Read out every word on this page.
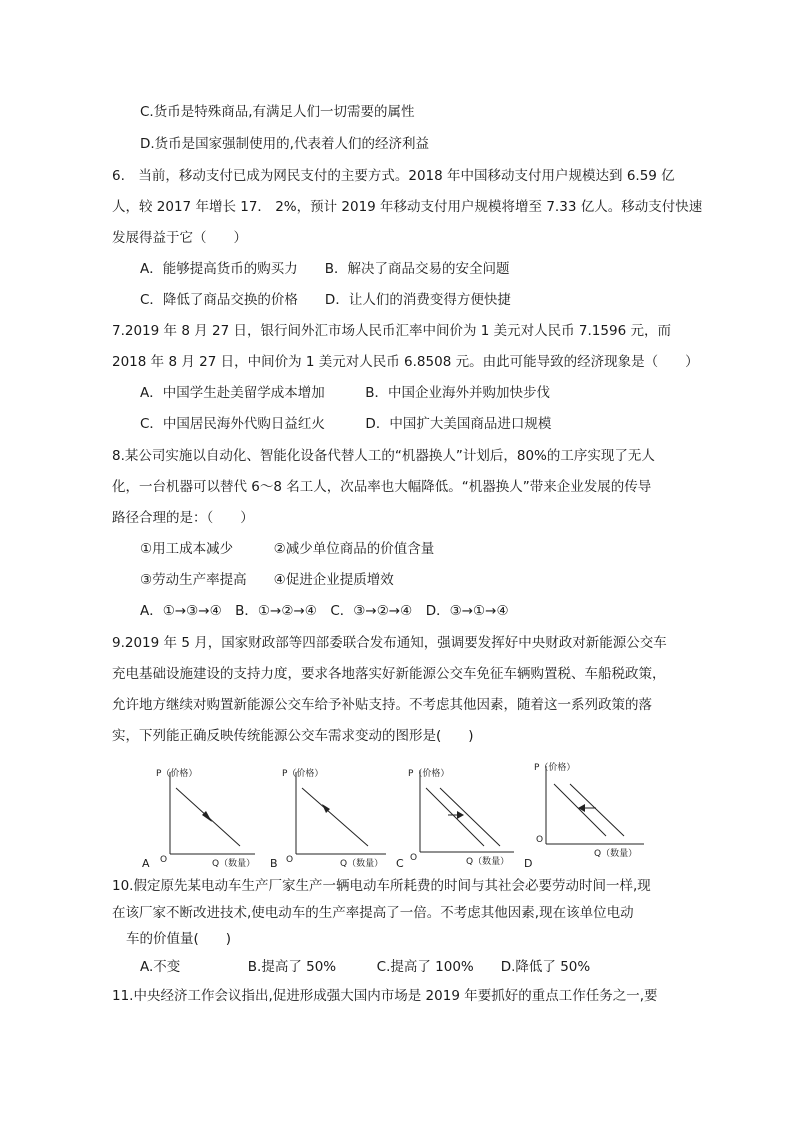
C.货币是特殊商品,有满足人们一切需要的属性
D.货币是国家强制使用的,代表着人们的经济利益
6.　当前，移动支付已成为网民支付的主要方式。2018 年中国移动支付用户规模达到 6.59 亿
人，较 2017 年增长 17． 2%，预计 2019 年移动支付用户规模将增至 7.33 亿人。移动支付快速
发展得益于它（　　）
A．能够提高货币的购买力　　B．解决了商品交易的安全问题
C．降低了商品交换的价格　　D．让人们的消费变得方便快捷
7.2019 年 8 月 27 日，银行间外汇市场人民币汇率中间价为 1 美元对人民币 7.1596 元，而
2018 年 8 月 27 日，中间价为 1 美元对人民币 6.8508 元。由此可能导致的经济现象是（　　）
A．中国学生赴美留学成本增加　　　B．中国企业海外并购加快步伐
C．中国居民海外代购日益红火　　　D．中国扩大美国商品进口规模
8.某公司实施以自动化、智能化设备代替人工的“机器换人”计划后，80%的工序实现了无人
化，一台机器可以替代 6～8 名工人，次品率也大幅降低。“机器换人”带来企业发展的传导
路径合理的是：（　　）
①用工成本减少　　　②减少单位商品的价值含量
③劳动生产率提高　　④促进企业提质增效
A．①→③→④　B．①→②→④　C．③→②→④　D．③→①→④
9.2019 年 5 月，国家财政部等四部委联合发布通知，强调要发挥好中央财政对新能源公交车
充电基础设施建设的支持力度，要求各地落实好新能源公交车免征车辆购置税、车船税政策，
允许地方继续对购置新能源公交车给予补贴支持。不考虑其他因素，随着这一系列政策的落
实，下列能正确反映传统能源公交车需求变动的图形是(　　)
P（价格）
Q（数量）
O
A
P（价格）
Q（数量）
O
B
P（价格）
Q（数量）
O
C
P（价格）
Q（数量）
O
D
10.假定原先某电动车生产厂家生产一辆电动车所耗费的时间与其社会必要劳动时间一样,现
在该厂家不断改进技术,使电动车的生产率提高了一倍。不考虑其他因素,现在该单位电动
车的价值量(　　)
A.不变　　　　　B.提高了 50%　　　C.提高了 100%　　D.降低了 50%
11.中央经济工作会议指出,促进形成强大国内市场是 2019 年要抓好的重点工作任务之一,要
